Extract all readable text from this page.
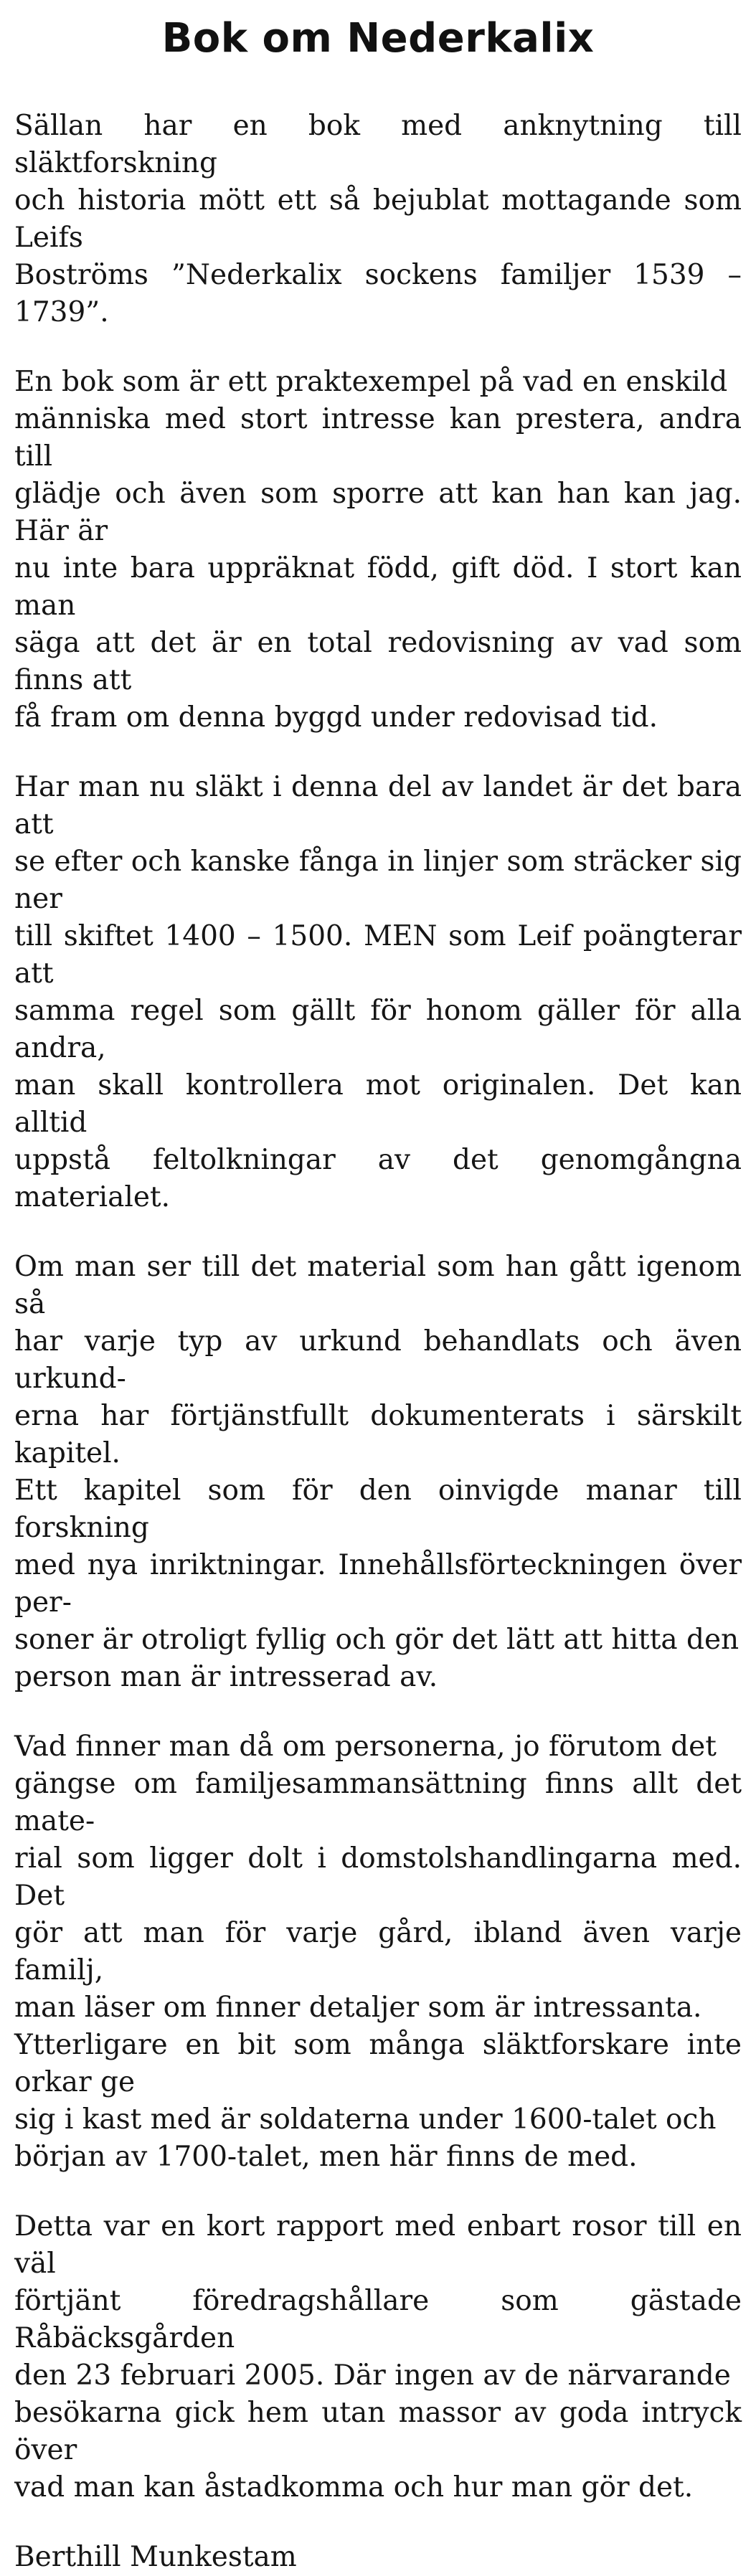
Bok om Nederkalix

Sällan har en bok med anknytning till släktforskning
och historia mött ett så bejublat mottagande som Leifs
Boströms ”Nederkalix sockens familjer 1539 – 1739”.

En bok som är ett praktexempel på vad en enskild
människa med stort intresse kan prestera, andra till
glädje och även som sporre att kan han kan jag. Här är
nu inte bara uppräknat född, gift död. I stort kan man
säga att det är en total redovisning av vad som finns att
få fram om denna byggd under redovisad tid.

Har man nu släkt i denna del av landet är det bara att
se efter och kanske fånga in linjer som sträcker sig ner
till skiftet 1400 – 1500. MEN som Leif poängterar att
samma regel som gällt för honom gäller för alla andra,
man skall kontrollera mot originalen. Det kan alltid
uppstå feltolkningar av det genomgångna materialet.

Om man ser till det material som han gått igenom så
har varje typ av urkund behandlats och även urkund-
erna har förtjänstfullt dokumenterats i särskilt kapitel.
Ett kapitel som för den oinvigde manar till forskning
med nya inriktningar. Innehållsförteckningen över per-
soner är otroligt fyllig och gör det lätt att hitta den
person man är intresserad av.

Vad finner man då om personerna, jo förutom det
gängse om familjesammansättning finns allt det mate-
rial som ligger dolt i domstolshandlingarna med. Det
gör att man för varje gård, ibland även varje familj,
man läser om finner detaljer som är intressanta.
Ytterligare en bit som många släktforskare inte orkar ge
sig i kast med är soldaterna under 1600-talet och
början av 1700-talet, men här finns de med.

Detta var en kort rapport med enbart rosor till en väl
förtjänt föredragshållare som gästade Råbäcksgården
den 23 februari 2005. Där ingen av de närvarande
besökarna gick hem utan massor av goda intryck över
vad man kan åstadkomma och hur man gör det.

Berthill Munkestam
